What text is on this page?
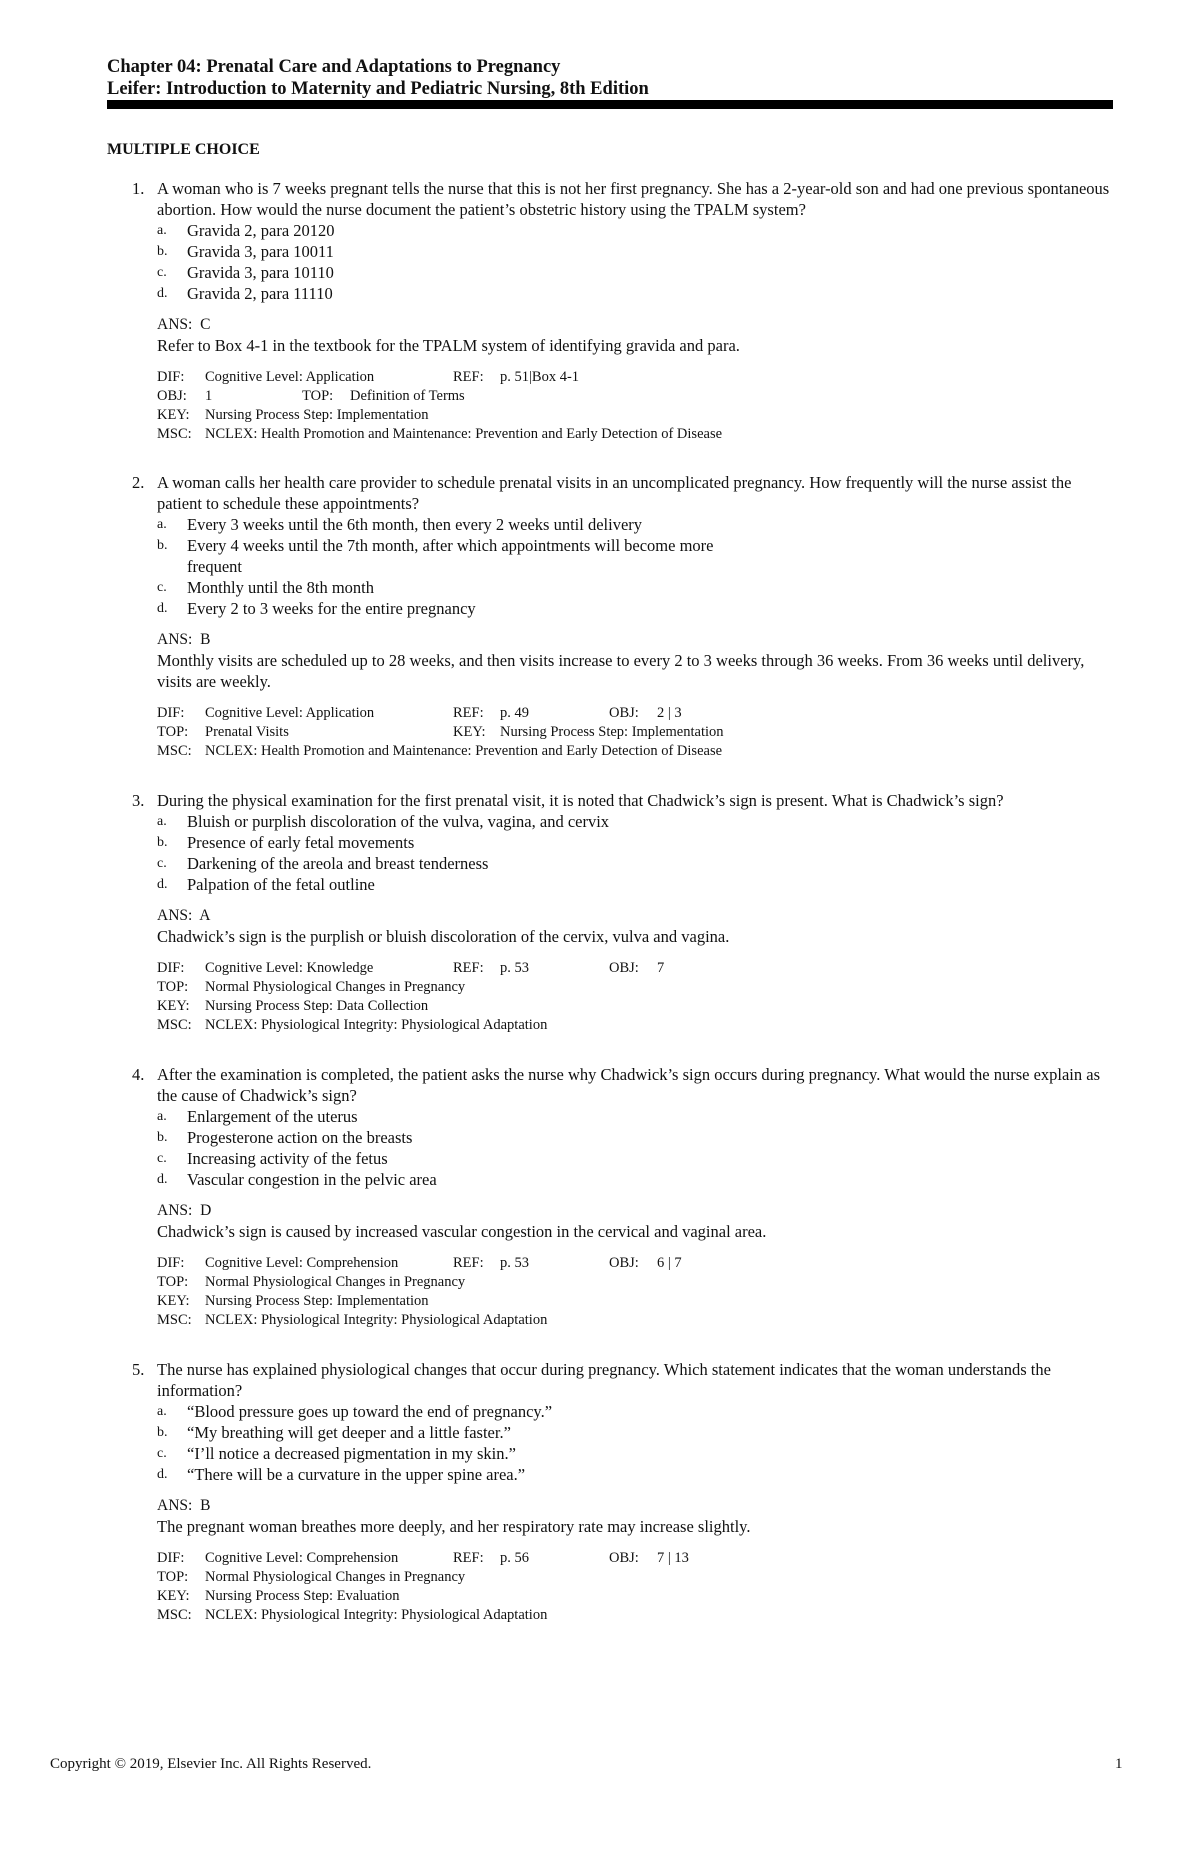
Chapter 04: Prenatal Care and Adaptations to Pregnancy
Leifer: Introduction to Maternity and Pediatric Nursing, 8th Edition
MULTIPLE CHOICE
1. A woman who is 7 weeks pregnant tells the nurse that this is not her first pregnancy. She has a 2-year-old son and had one previous spontaneous abortion. How would the nurse document the patient’s obstetric history using the TPALM system?
a. Gravida 2, para 20120
b. Gravida 3, para 10011
c. Gravida 3, para 10110
d. Gravida 2, para 11110
ANS: C
Refer to Box 4-1 in the textbook for the TPALM system of identifying gravida and para.
DIF: Cognitive Level: Application	REF: p. 51|Box 4-1
OBJ: 1	TOP: Definition of Terms
KEY: Nursing Process Step: Implementation
MSC: NCLEX: Health Promotion and Maintenance: Prevention and Early Detection of Disease
2. A woman calls her health care provider to schedule prenatal visits in an uncomplicated pregnancy. How frequently will the nurse assist the patient to schedule these appointments?
a. Every 3 weeks until the 6th month, then every 2 weeks until delivery
b. Every 4 weeks until the 7th month, after which appointments will become more frequent
c. Monthly until the 8th month
d. Every 2 to 3 weeks for the entire pregnancy
ANS: B
Monthly visits are scheduled up to 28 weeks, and then visits increase to every 2 to 3 weeks through 36 weeks. From 36 weeks until delivery, visits are weekly.
DIF: Cognitive Level: Application	REF: p. 49	OBJ: 2 | 3
TOP: Prenatal Visits	KEY: Nursing Process Step: Implementation
MSC: NCLEX: Health Promotion and Maintenance: Prevention and Early Detection of Disease
3. During the physical examination for the first prenatal visit, it is noted that Chadwick’s sign is present. What is Chadwick’s sign?
a. Bluish or purplish discoloration of the vulva, vagina, and cervix
b. Presence of early fetal movements
c. Darkening of the areola and breast tenderness
d. Palpation of the fetal outline
ANS: A
Chadwick’s sign is the purplish or bluish discoloration of the cervix, vulva and vagina.
DIF: Cognitive Level: Knowledge	REF: p. 53	OBJ: 7
TOP: Normal Physiological Changes in Pregnancy
KEY: Nursing Process Step: Data Collection
MSC: NCLEX: Physiological Integrity: Physiological Adaptation
4. After the examination is completed, the patient asks the nurse why Chadwick’s sign occurs during pregnancy. What would the nurse explain as the cause of Chadwick’s sign?
a. Enlargement of the uterus
b. Progesterone action on the breasts
c. Increasing activity of the fetus
d. Vascular congestion in the pelvic area
ANS: D
Chadwick’s sign is caused by increased vascular congestion in the cervical and vaginal area.
DIF: Cognitive Level: Comprehension	REF: p. 53	OBJ: 6 | 7
TOP: Normal Physiological Changes in Pregnancy
KEY: Nursing Process Step: Implementation
MSC: NCLEX: Physiological Integrity: Physiological Adaptation
5. The nurse has explained physiological changes that occur during pregnancy. Which statement indicates that the woman understands the information?
a. “Blood pressure goes up toward the end of pregnancy.”
b. “My breathing will get deeper and a little faster.”
c. “I’ll notice a decreased pigmentation in my skin.”
d. “There will be a curvature in the upper spine area.”
ANS: B
The pregnant woman breathes more deeply, and her respiratory rate may increase slightly.
DIF: Cognitive Level: Comprehension	REF: p. 56	OBJ: 7 | 13
TOP: Normal Physiological Changes in Pregnancy
KEY: Nursing Process Step: Evaluation
MSC: NCLEX: Physiological Integrity: Physiological Adaptation
Copyright © 2019, Elsevier Inc. All Rights Reserved.	1
